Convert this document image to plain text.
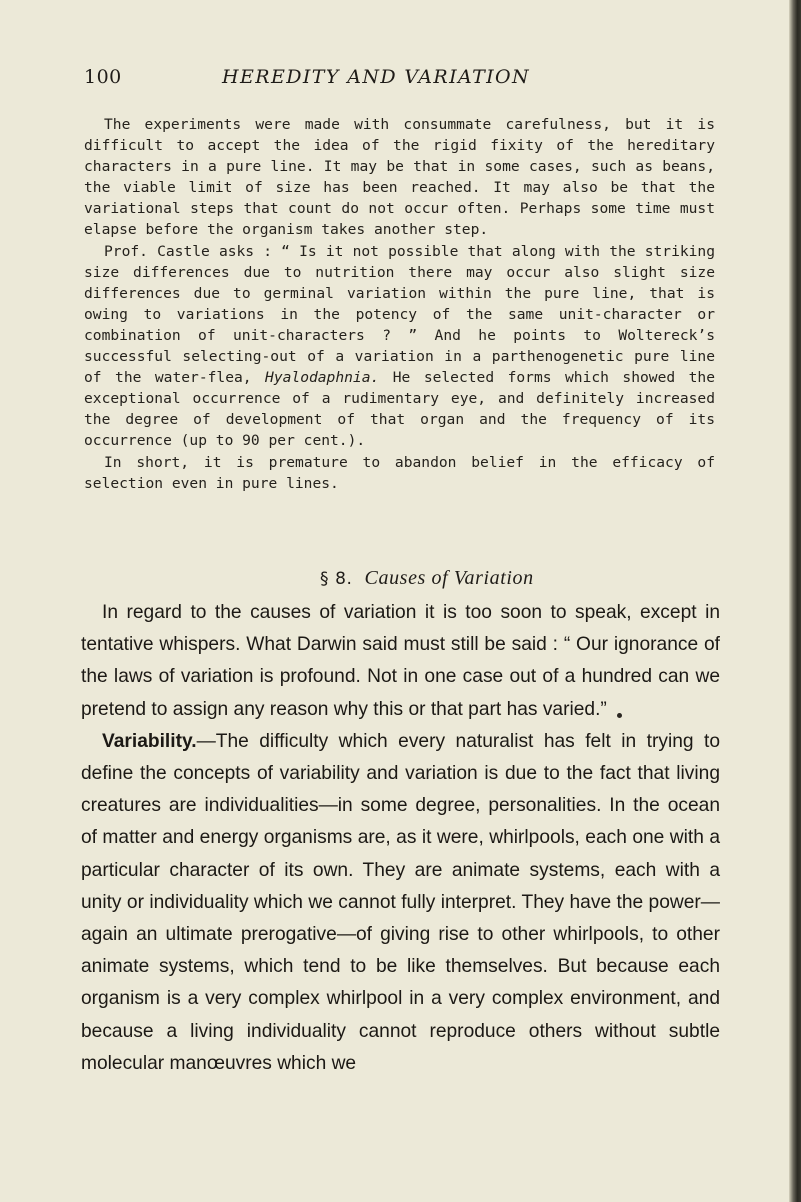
100	HEREDITY AND VARIATION

The experiments were made with consummate carefulness, but it is difficult to accept the idea of the rigid fixity of the hereditary characters in a pure line. It may be that in some cases, such as beans, the viable limit of size has been reached. It may also be that the variational steps that count do not occur often. Perhaps some time must elapse before the organism takes another step.

Prof. Castle asks : “ Is it not possible that along with the striking size differences due to nutrition there may occur also slight size differences due to germinal variation within the pure line, that is owing to variations in the potency of the same unit-character or combination of unit-characters ? ” And he points to Woltereck’s successful selecting-out of a variation in a parthenogenetic pure line of the water-flea, Hyalodaphnia. He selected forms which showed the exceptional occurrence of a rudimentary eye, and definitely increased the degree of development of that organ and the frequency of its occurrence (up to 90 per cent.).

In short, it is premature to abandon belief in the efficacy of selection even in pure lines.

§ 8. Causes of Variation

In regard to the causes of variation it is too soon to speak, except in tentative whispers. What Darwin said must still be said : “ Our ignorance of the laws of variation is profound. Not in one case out of a hundred can we pretend to assign any reason why this or that part has varied.”

Variability.—The difficulty which every naturalist has felt in trying to define the concepts of variability and variation is due to the fact that living creatures are individualities—in some degree, personalities. In the ocean of matter and energy organisms are, as it were, whirlpools, each one with a particular character of its own. They are animate systems, each with a unity or individuality which we cannot fully interpret. They have the power—again an ultimate prerogative—of giving rise to other whirlpools, to other animate systems, which tend to be like themselves. But because each organism is a very complex whirlpool in a very complex environment, and because a living individuality cannot reproduce others without subtle molecular manœuvres which we
